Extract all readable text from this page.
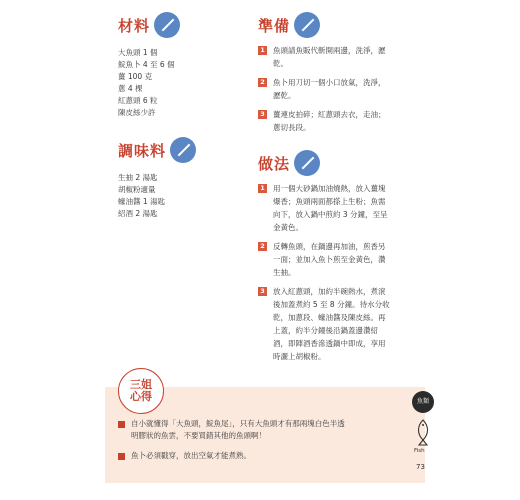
材料
大魚頭 1 個
鯇魚卜 4 至 6 個
薑 100 克
蔥 4 棵
紅蔥頭 6 粒
陳皮絲少許
調味料
生抽 2 湯匙
胡椒粉適量
蠔油醬 1 湯匙
紹酒 2 湯匙
準備
1 魚頭請魚販代斬開兩邊，洗淨，瀝乾。
2 魚卜用刀切一個小口放氣，洗淨，瀝乾。
3 薑連皮拍碎；紅蔥頭去衣，走油；蔥切長段。
做法
1 用一個大砂鍋加油燒熱，放入薑塊爆香；魚頭兩面都搽上生粉；魚需向下，放入鍋中煎約 3 分鐘，至呈金黃色。
2 反轉魚頭，在鍋邊再加油，煎香另一面；並加入魚卜煎至金黃色，灒生抽。
3 放入紅蔥頭，加約半碗熱水，煮滾後加蓋煮約 5 至 8 分鐘。待水分收乾，加蔥段、蠔油醬及陳皮絲。再上蓋，約半分鐘後沿鍋蓋邊灒紹酒，即陣酒香滲透鍋中即成，享用時灑上胡椒粉。
三姐心得
自小就懂得「大魚頭，鯇魚尾」，只有大魚頭才有那兩塊白色半透明膠狀的魚雲，不要買錯其他的魚頭啊！
魚卜必須戳穿，放出空氣才能煮熟。
魚類
Fish
73
